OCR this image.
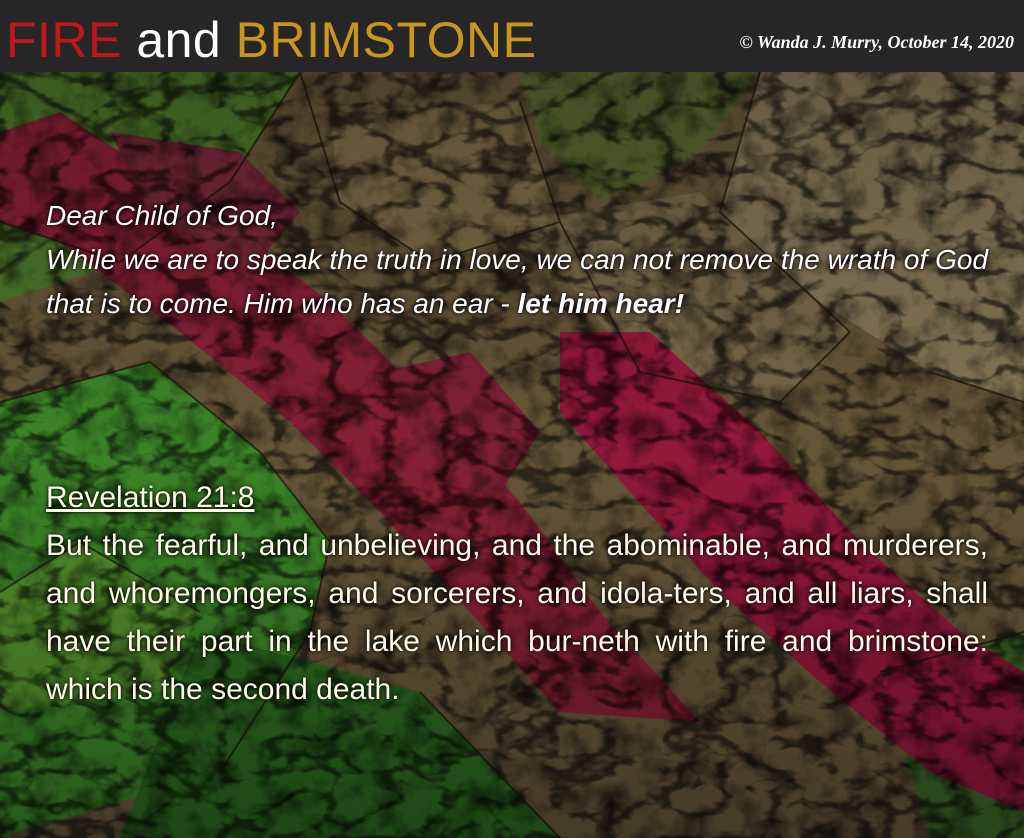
FIRE and BRIMSTONE	© Wanda J. Murry, October 14, 2020
Dear Child of God,
While we are to speak the truth in love, we can not remove the wrath of God that is to come. Him who has an ear - let him hear!
Revelation 21:8
But the fearful, and unbelieving, and the abominable, and murderers, and whoremongers, and sorcerers, and idola-ters, and all liars, shall have their part in the lake which bur-neth with fire and brimstone: which is the second death.
